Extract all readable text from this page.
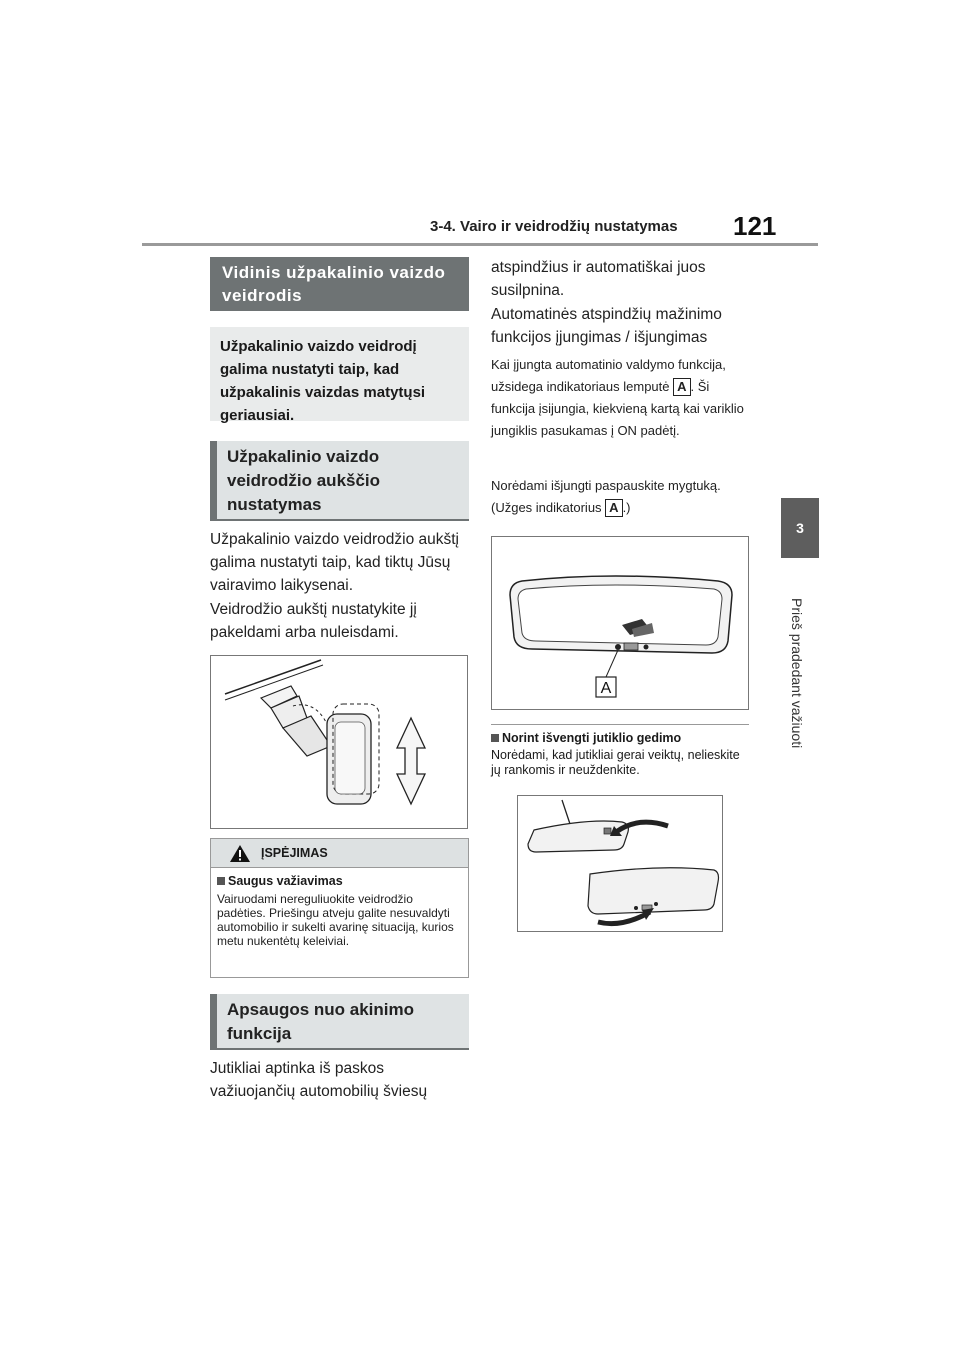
3-4. Vairo ir veidrodžių nustatymas 121
3
Prieš pradedant važiuoti
Vidinis užpakalinio vaizdo veidrodis
Užpakalinio vaizdo veidrodį galima nustatyti taip, kad užpakalinis vaizdas matytųsi geriausiai.
Užpakalinio vaizdo veidrodžio aukščio nustatymas
Užpakalinio vaizdo veidrodžio aukštį galima nustatyti taip, kad tiktų Jūsų vairavimo laikysenai.
Veidrodžio aukštį nustatykite jį pakeldami arba nuleisdami.
ĮSPĖJIMAS
Saugus važiavimas
Vairuodami nereguliuokite veidrodžio padėties. Priešingu atveju galite nesuvaldyti automobilio ir sukelti avarinę situaciją, kurios metu nukentėtų keleiviai.
Apsaugos nuo akinimo funkcija
Jutikliai aptinka iš paskos važiuojančių automobilių šviesų
atspindžius ir automatiškai juos susilpnina.
Automatinės atspindžių mažinimo funkcijos įjungimas / išjungimas
Kai įjungta automatinio valdymo funkcija, užsidega indikatoriaus lemputė A . Ši funkcija įsijungia, kiekvieną kartą kai variklio jungiklis pasukamas į ON padėtį.
Norėdami išjungti paspauskite mygtuką. (Užges indikatorius A .)
A
Norint išvengti jutiklio gedimo
Norėdami, kad jutikliai gerai veiktų, nelieskite jų rankomis ir neuždenkite.
